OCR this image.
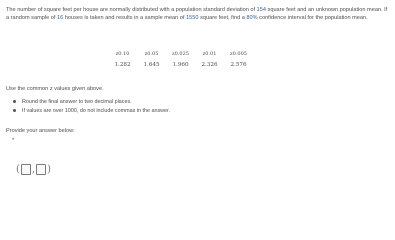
The number of square feet per house are normally distributed with a population standard deviation of 154 square feet and an unknown population mean. If a random sample of 16 houses is taken and results in a sample mean of 1550 square feet, find a 80% confidence interval for the population mean.
z0.10	z0.05	z0.025	z0.01	z0.005
1.282	1.645	1.960	2.326	2.576
Use the common z values given above.
Round the final answer to two decimal places.
If values are over 1000, do not include commas in the answer.
Provide your answer below:
*
( , )
